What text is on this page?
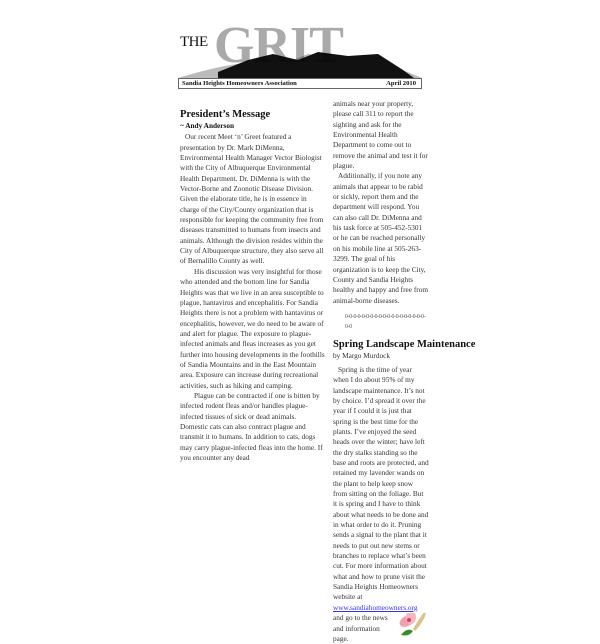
THE GRIT
Sandia Heights Homeowners Association	April 2010
President’s Message
~ Andy Anderson

Our recent Meet ‘n’ Greet featured a presentation by Dr. Mark DiMenna, Environmental Health Manager Vector Biologist with the City of Albuquerque Environmental Health Department. Dr. DiMenna is with the Vector-Borne and Zoonotic Disease Division. Given the elaborate title, he is in essence in charge of the City/County organization that is responsible for keeping the community free from diseases transmitted to humans from insects and animals. Although the division resides within the City of Albuquerque structure, they also serve all of Bernalillo County as well.

His discussion was very insightful for those who attended and the bottom line for Sandia Heights was that we live in an area susceptible to plague, hantavirus and encephalitis. For Sandia Heights there is not a problem with hantavirus or encephalitis, however, we do need to be aware of and alert for plague. The exposure to plague-infected animals and fleas increases as you get further into housing developments in the foothills of Sandia Mountains and in the East Mountain area. Exposure can increase during recreational activities, such as hiking and camping.

Plague can be contracted if one is bitten by infected rodent fleas and/or handles plague-infected tissues of sick or dead animals. Domestic cats can also contract plague and transmit it to humans. In addition to cats, dogs may carry plague-infected fleas into the home. If you encounter any dead

animals near your property, please call 311 to report the sighting and ask for the Environmental Health Department to come out to remove the animal and test it for plague.

Additionally, if you note any animals that appear to be rabid or sickly, report them and the department will respond. You can also call Dr. DiMenna and his task force at 505-452-5301 or he can be reached personally on his mobile line at 505-263-3299. The goal of his organization is to keep the City, County and Sandia Heights healthy and happy and free from animal-borne diseases.

0-0-0-0-0-0-0-0-0-0-0-0-0-0-0-0-0-0-0-0-0
Spring Landscape Maintenance
by Margo Murdock

Spring is the time of year when I do about 95% of my landscape maintenance. It’s not by choice. I’d spread it over the year if I could it is just that spring is the best time for the plants. I’ve enjoyed the seed heads over the winter; have left the dry stalks standing so the base and roots are protected, and retained my lavender wands on the plant to help keep snow from sitting on the foliage. But it is spring and I have to think about what needs to be done and in what order to do it. Pruning sends a signal to the plant that it needs to put out new stems or branches to replace what’s been cut. For more information about what and how to prune visit the Sandia Heights Homeowners website at

www.sandiahomeowners.org
and go to the news and information page.
